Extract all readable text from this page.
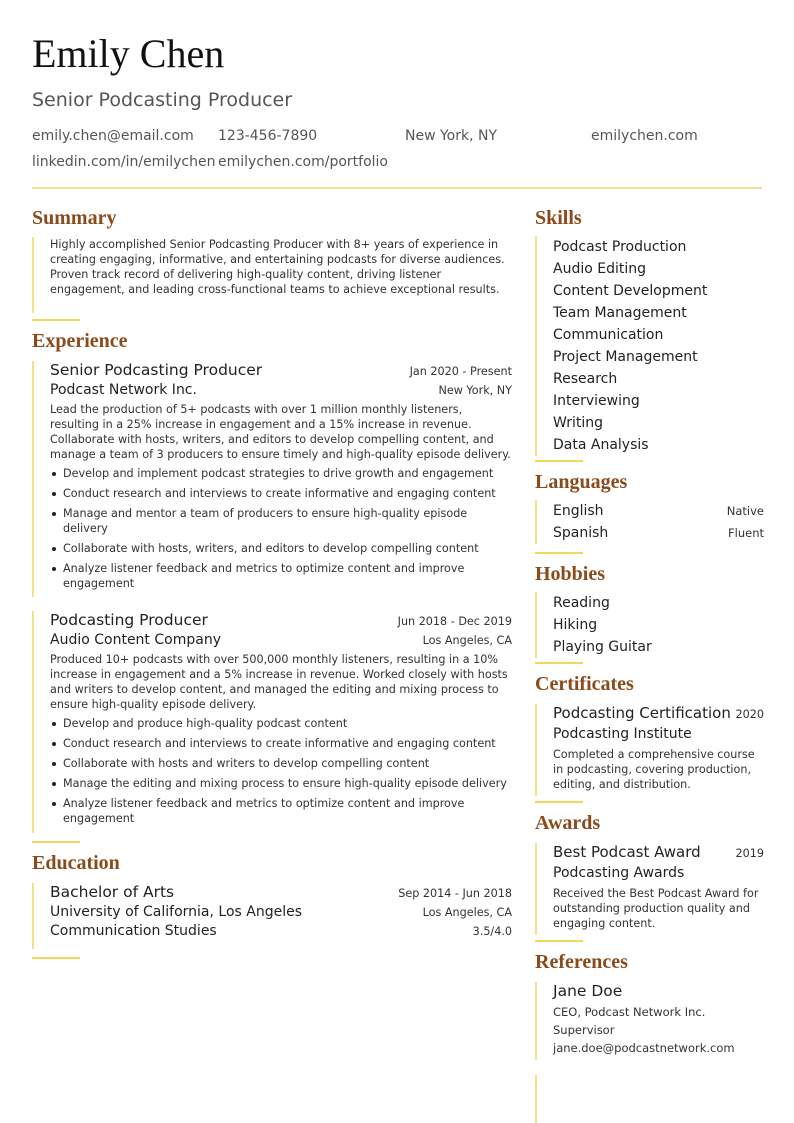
Emily Chen
Senior Podcasting Producer
emily.chen@email.com 123-456-7890	New York, NY	emilychen.com
linkedin.com/in/emilychen emilychen.com/portfolio
Summary
Highly accomplished Senior Podcasting Producer with 8+ years of experience in creating engaging, informative, and entertaining podcasts for diverse audiences. Proven track record of delivering high-quality content, driving listener engagement, and leading cross-functional teams to achieve exceptional results.
Experience
Senior Podcasting Producer	Jan 2020 - Present
Podcast Network Inc.	New York, NY
Lead the production of 5+ podcasts with over 1 million monthly listeners, resulting in a 25% increase in engagement and a 15% increase in revenue. Collaborate with hosts, writers, and editors to develop compelling content, and manage a team of 3 producers to ensure timely and high-quality episode delivery.
Develop and implement podcast strategies to drive growth and engagement
Conduct research and interviews to create informative and engaging content
Manage and mentor a team of producers to ensure high-quality episode delivery
Collaborate with hosts, writers, and editors to develop compelling content
Analyze listener feedback and metrics to optimize content and improve engagement
Podcasting Producer	Jun 2018 - Dec 2019
Audio Content Company	Los Angeles, CA
Produced 10+ podcasts with over 500,000 monthly listeners, resulting in a 10% increase in engagement and a 5% increase in revenue. Worked closely with hosts and writers to develop content, and managed the editing and mixing process to ensure high-quality episode delivery.
Develop and produce high-quality podcast content
Conduct research and interviews to create informative and engaging content
Collaborate with hosts and writers to develop compelling content
Manage the editing and mixing process to ensure high-quality episode delivery
Analyze listener feedback and metrics to optimize content and improve engagement
Education
Bachelor of Arts	Sep 2014 - Jun 2018
University of California, Los Angeles	Los Angeles, CA
Communication Studies	3.5/4.0
Skills
Podcast Production
Audio Editing
Content Development
Team Management
Communication
Project Management
Research
Interviewing
Writing
Data Analysis
Languages
English	Native
Spanish	Fluent
Hobbies
Reading
Hiking
Playing Guitar
Certificates
Podcasting Certification 2020
Podcasting Institute
Completed a comprehensive course in podcasting, covering production, editing, and distribution.
Awards
Best Podcast Award	2019
Podcasting Awards
Received the Best Podcast Award for outstanding production quality and engaging content.
References
Jane Doe
CEO, Podcast Network Inc.
Supervisor
jane.doe@podcastnetwork.com
